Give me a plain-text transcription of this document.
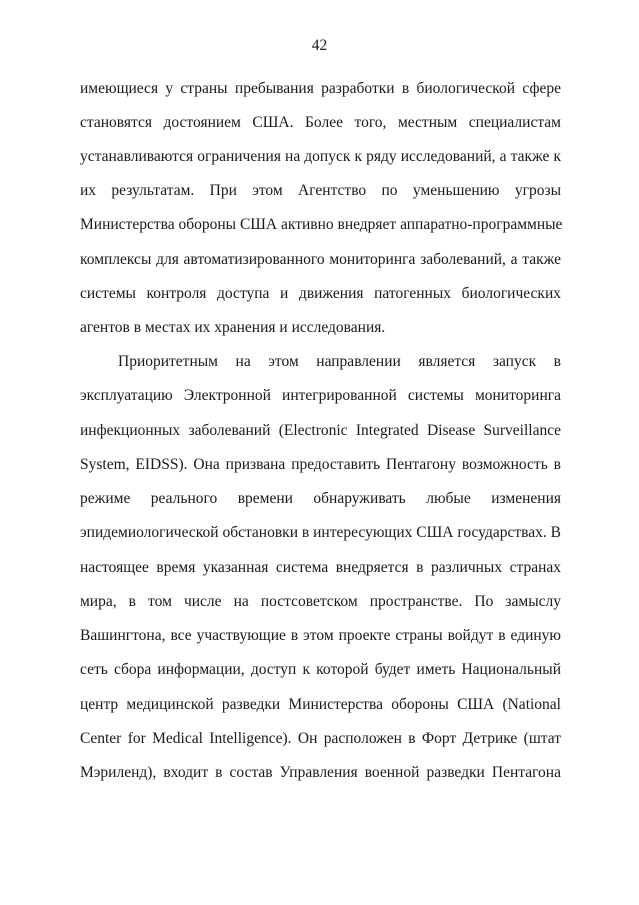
42
имеющиеся у страны пребывания разработки в биологической сфере
становятся достоянием США. Более того, местным специалистам
устанавливаются ограничения на допуск к ряду исследований, а также к
их результатам. При этом Агентство по уменьшению угрозы
Министерства обороны США активно внедряет аппаратно-программные
комплексы для автоматизированного мониторинга заболеваний, а также
системы контроля доступа и движения патогенных биологических
агентов в местах их хранения и исследования.
Приоритетным на этом направлении является запуск в
эксплуатацию Электронной интегрированной системы мониторинга
инфекционных заболеваний (Electronic Integrated Disease Surveillance
System, EIDSS). Она призвана предоставить Пентагону возможность в
режиме реального времени обнаруживать любые изменения
эпидемиологической обстановки в интересующих США государствах. В
настоящее время указанная система внедряется в различных странах
мира, в том числе на постсоветском пространстве. По замыслу
Вашингтона, все участвующие в этом проекте страны войдут в единую
сеть сбора информации, доступ к которой будет иметь Национальный
центр медицинской разведки Министерства обороны США (National
Center for Medical Intelligence). Он расположен в Форт Детрике (штат
Мэриленд), входит в состав Управления военной разведки Пентагона
